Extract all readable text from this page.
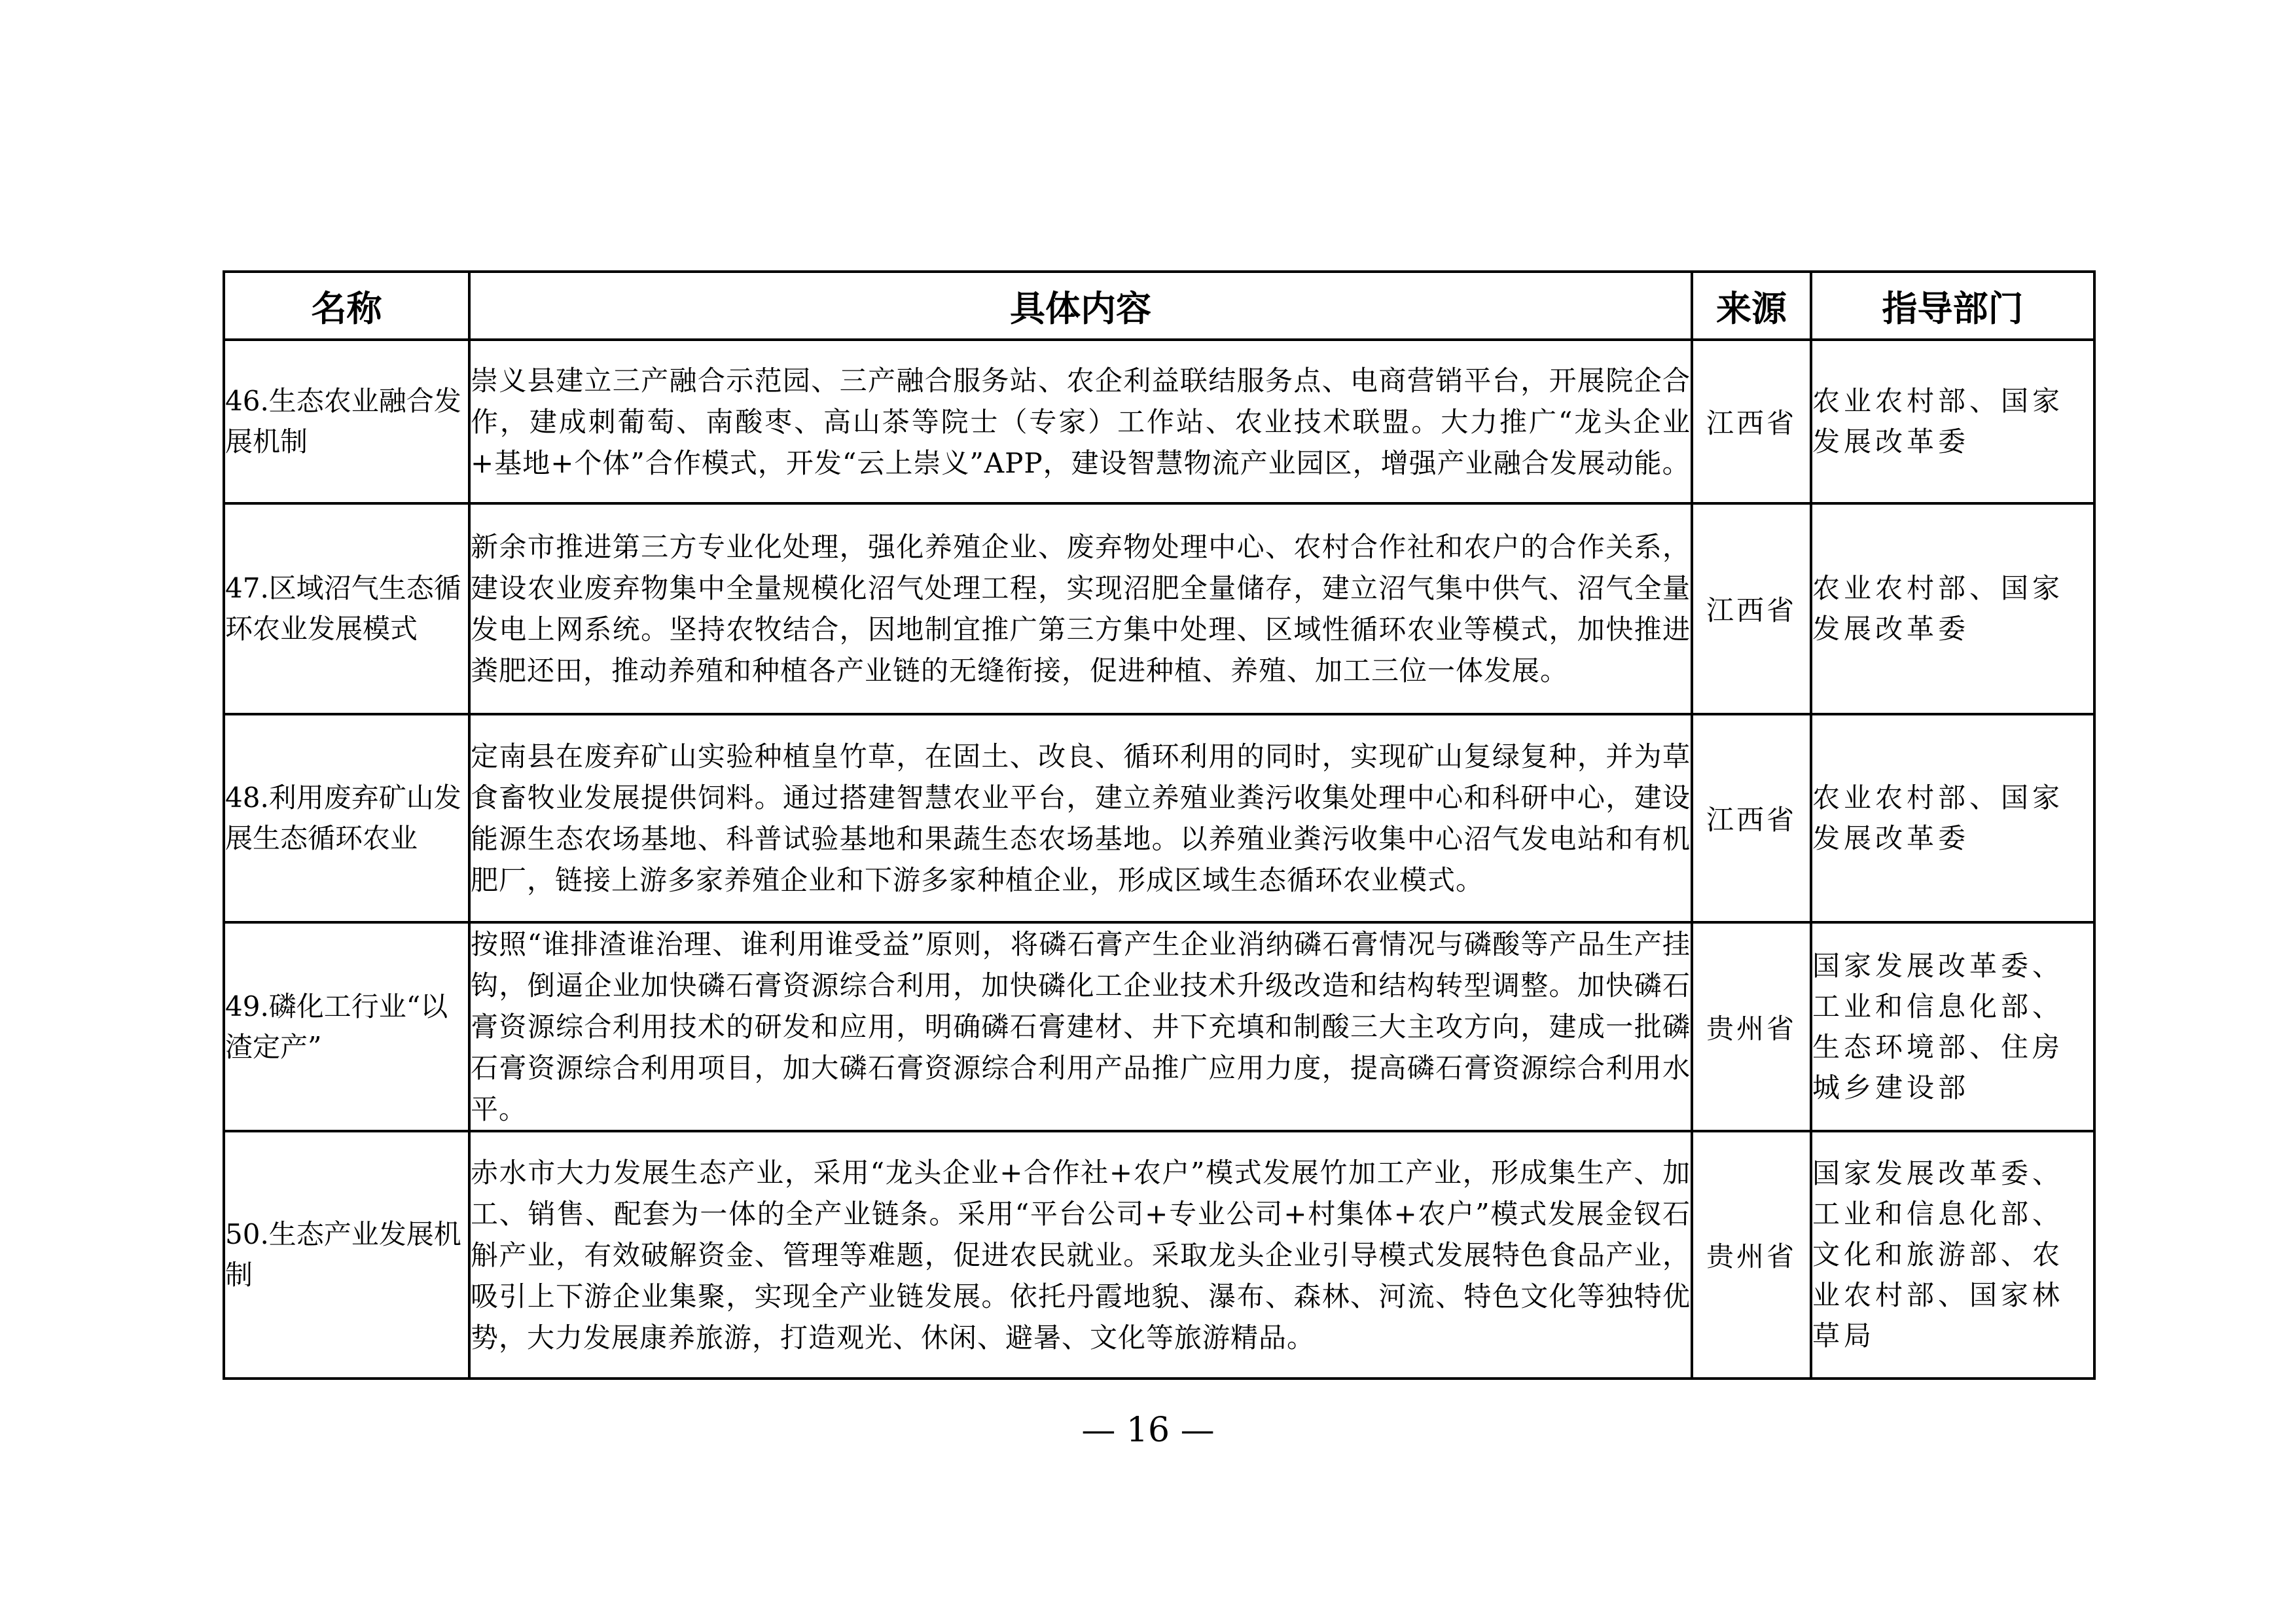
名称	具体内容	来源	指导部门
46.生态农业融合发展机制	崇义县建立三产融合示范园、三产融合服务站、农企利益联结服务点、电商营销平台，开展院企合作，建成刺葡萄、南酸枣、高山茶等院士（专家）工作站、农业技术联盟。大力推广“龙头企业+基地+个体”合作模式，开发“云上崇义”APP，建设智慧物流产业园区，增强产业融合发展动能。	江西省	农业农村部、国家发展改革委
47.区域沼气生态循环农业发展模式	新余市推进第三方专业化处理，强化养殖企业、废弃物处理中心、农村合作社和农户的合作关系，建设农业废弃物集中全量规模化沼气处理工程，实现沼肥全量储存，建立沼气集中供气、沼气全量发电上网系统。坚持农牧结合，因地制宜推广第三方集中处理、区域性循环农业等模式，加快推进粪肥还田，推动养殖和种植各产业链的无缝衔接，促进种植、养殖、加工三位一体发展。	江西省	农业农村部、国家发展改革委
48.利用废弃矿山发展生态循环农业	定南县在废弃矿山实验种植皇竹草，在固土、改良、循环利用的同时，实现矿山复绿复种，并为草食畜牧业发展提供饲料。通过搭建智慧农业平台，建立养殖业粪污收集处理中心和科研中心，建设能源生态农场基地、科普试验基地和果蔬生态农场基地。以养殖业粪污收集中心沼气发电站和有机肥厂，链接上游多家养殖企业和下游多家种植企业，形成区域生态循环农业模式。	江西省	农业农村部、国家发展改革委
49.磷化工行业“以渣定产”	按照“谁排渣谁治理、谁利用谁受益”原则，将磷石膏产生企业消纳磷石膏情况与磷酸等产品生产挂钩，倒逼企业加快磷石膏资源综合利用，加快磷化工企业技术升级改造和结构转型调整。加快磷石膏资源综合利用技术的研发和应用，明确磷石膏建材、井下充填和制酸三大主攻方向，建成一批磷石膏资源综合利用项目，加大磷石膏资源综合利用产品推广应用力度，提高磷石膏资源综合利用水平。	贵州省	国家发展改革委、工业和信息化部、生态环境部、住房城乡建设部
50.生态产业发展机制	赤水市大力发展生态产业，采用“龙头企业+合作社+农户”模式发展竹加工产业，形成集生产、加工、销售、配套为一体的全产业链条。采用“平台公司+专业公司+村集体+农户”模式发展金钗石斛产业，有效破解资金、管理等难题，促进农民就业。采取龙头企业引导模式发展特色食品产业，吸引上下游企业集聚，实现全产业链发展。依托丹霞地貌、瀑布、森林、河流、特色文化等独特优势，大力发展康养旅游，打造观光、休闲、避暑、文化等旅游精品。	贵州省	国家发展改革委、工业和信息化部、文化和旅游部、农业农村部、国家林草局
— 16 —
